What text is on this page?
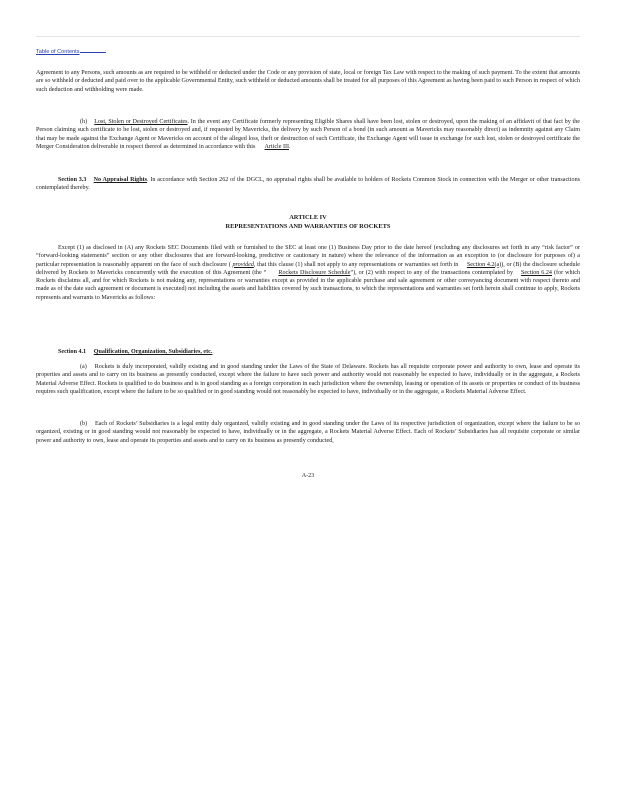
Table of Contents

Agreement to any Persons, such amounts as are required to be withheld or deducted under the Code or any provision of state, local or foreign Tax Law with respect to the making of such payment. To the extent that amounts are so withheld or deducted and paid over to the applicable Governmental Entity, such withheld or deducted amounts shall be treated for all purposes of this Agreement as having been paid to such Person in respect of which such deduction and withholding were made.

(h) Lost, Stolen or Destroyed Certificates. In the event any Certificate formerly representing Eligible Shares shall have been lost, stolen or destroyed, upon the making of an affidavit of that fact by the Person claiming such certificate to be lost, stolen or destroyed and, if requested by Mavericks, the delivery by such Person of a bond (in such amount as Mavericks may reasonably direct) as indemnity against any Claim that may be made against the Exchange Agent or Mavericks on account of the alleged loss, theft or destruction of such Certificate, the Exchange Agent will issue in exchange for such lost, stolen or destroyed certificate the Merger Consideration deliverable in respect thereof as determined in accordance with this Article III.

Section 3.3 No Appraisal Rights. In accordance with Section 262 of the DGCL, no appraisal rights shall be available to holders of Rockets Common Stock in connection with the Merger or other transactions contemplated thereby.

ARTICLE IV
REPRESENTATIONS AND WARRANTIES OF ROCKETS

Except (1) as disclosed in (A) any Rockets SEC Documents filed with or furnished to the SEC at least one (1) Business Day prior to the date hereof (excluding any disclosures set forth in any “risk factor” or “forward-looking statements” section or any other disclosures that are forward-looking, predictive or cautionary in nature) where the relevance of the information as an exception to (or disclosure for purposes of) a particular representation is reasonably apparent on the face of such disclosure ( provided, that this clause (1) shall not apply to any representations or warranties set forth in Section 4.2(a)), or (B) the disclosure schedule delivered by Rockets to Mavericks concurrently with the execution of this Agreement (the “ Rockets Disclosure Schedule”), or (2) with respect to any of the transactions contemplated by Section 6.24 (for which Rockets disclaims all, and for which Rockets is not making any, representations or warranties except as provided in the applicable purchase and sale agreement or other conveyancing document with respect thereto and made as of the date such agreement or document is executed) not including the assets and liabilities covered by such transactions, to which the representations and warranties set forth herein shall continue to apply, Rockets represents and warrants to Mavericks as follows:

Section 4.1 Qualification, Organization, Subsidiaries, etc.

(a) Rockets is duly incorporated, validly existing and in good standing under the Laws of the State of Delaware. Rockets has all requisite corporate power and authority to own, lease and operate its properties and assets and to carry on its business as presently conducted, except where the failure to have such power and authority would not reasonably be expected to have, individually or in the aggregate, a Rockets Material Adverse Effect. Rockets is qualified to do business and is in good standing as a foreign corporation in each jurisdiction where the ownership, leasing or operation of its assets or properties or conduct of its business requires such qualification, except where the failure to be so qualified or in good standing would not reasonably be expected to have, individually or in the aggregate, a Rockets Material Adverse Effect.

(b) Each of Rockets’ Subsidiaries is a legal entity duly organized, validly existing and in good standing under the Laws of its respective jurisdiction of organization, except where the failure to be so organized, existing or in good standing would not reasonably be expected to have, individually or in the aggregate, a Rockets Material Adverse Effect. Each of Rockets’ Subsidiaries has all requisite corporate or similar power and authority to own, lease and operate its properties and assets and to carry on its business as presently conducted,

A-23
